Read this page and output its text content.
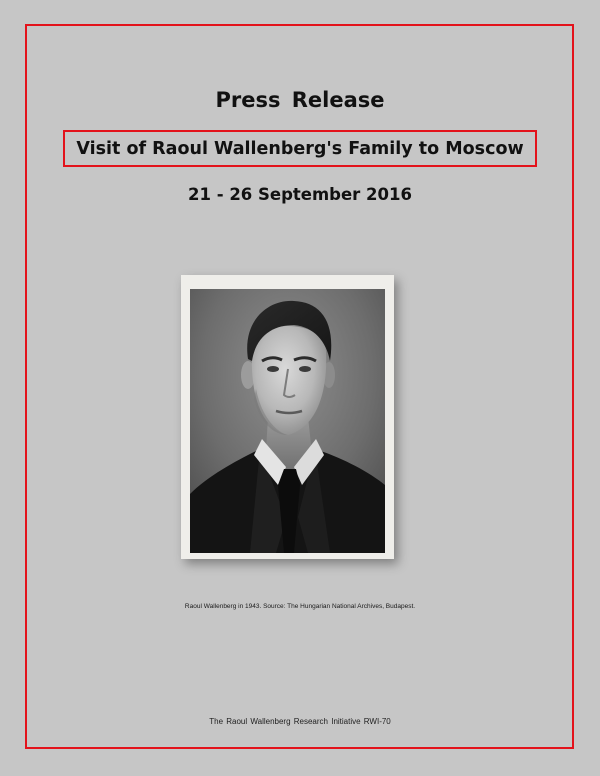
Press Release
Visit of Raoul Wallenberg's Family to Moscow
21 - 26 September 2016
Raoul Wallenberg in 1943. Source: The Hungarian National Archives, Budapest.
The Raoul Wallenberg Research Initiative RWI-70
